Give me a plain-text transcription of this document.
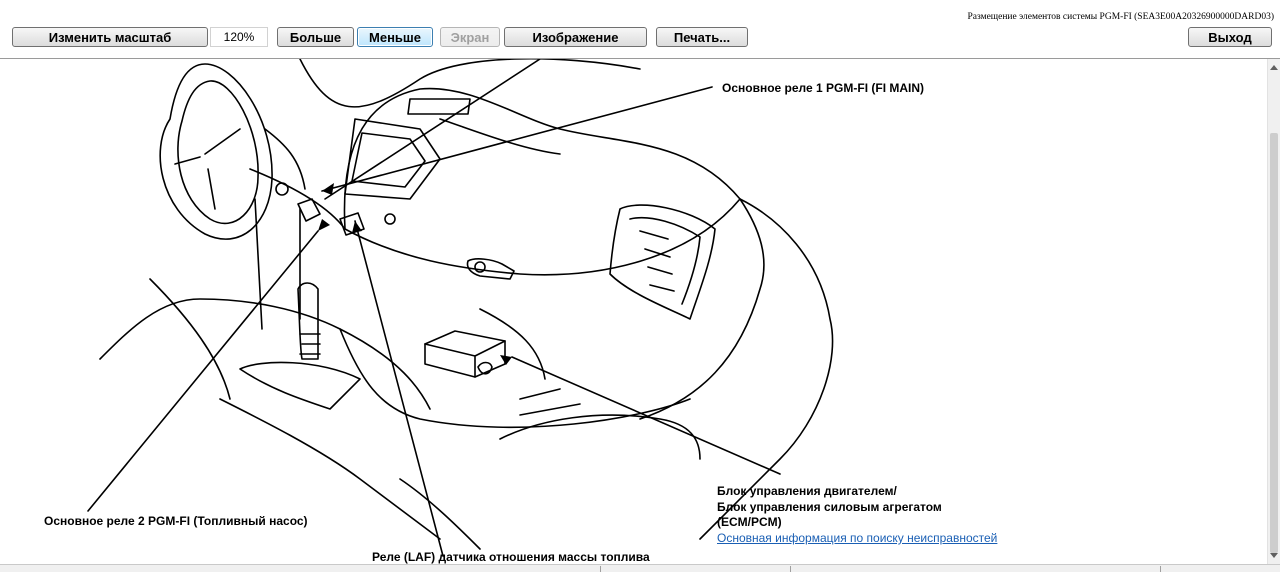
Размещение элементов системы PGM-FI (SEA3E00A20326900000DARD03)
Изменить масштаб	120%	Больше	Меньше	Экран	Изображение	Печать...	Выход
Основное реле 1 PGM-FI (FI MAIN)
Основное реле 2 PGM-FI (Топливный насос)
Блок управления двигателем/
Блок управления силовым агрегатом
(ECM/PCM)
Основная информация по поиску неисправностей
Реле (LAF) датчика отношения массы топлива
